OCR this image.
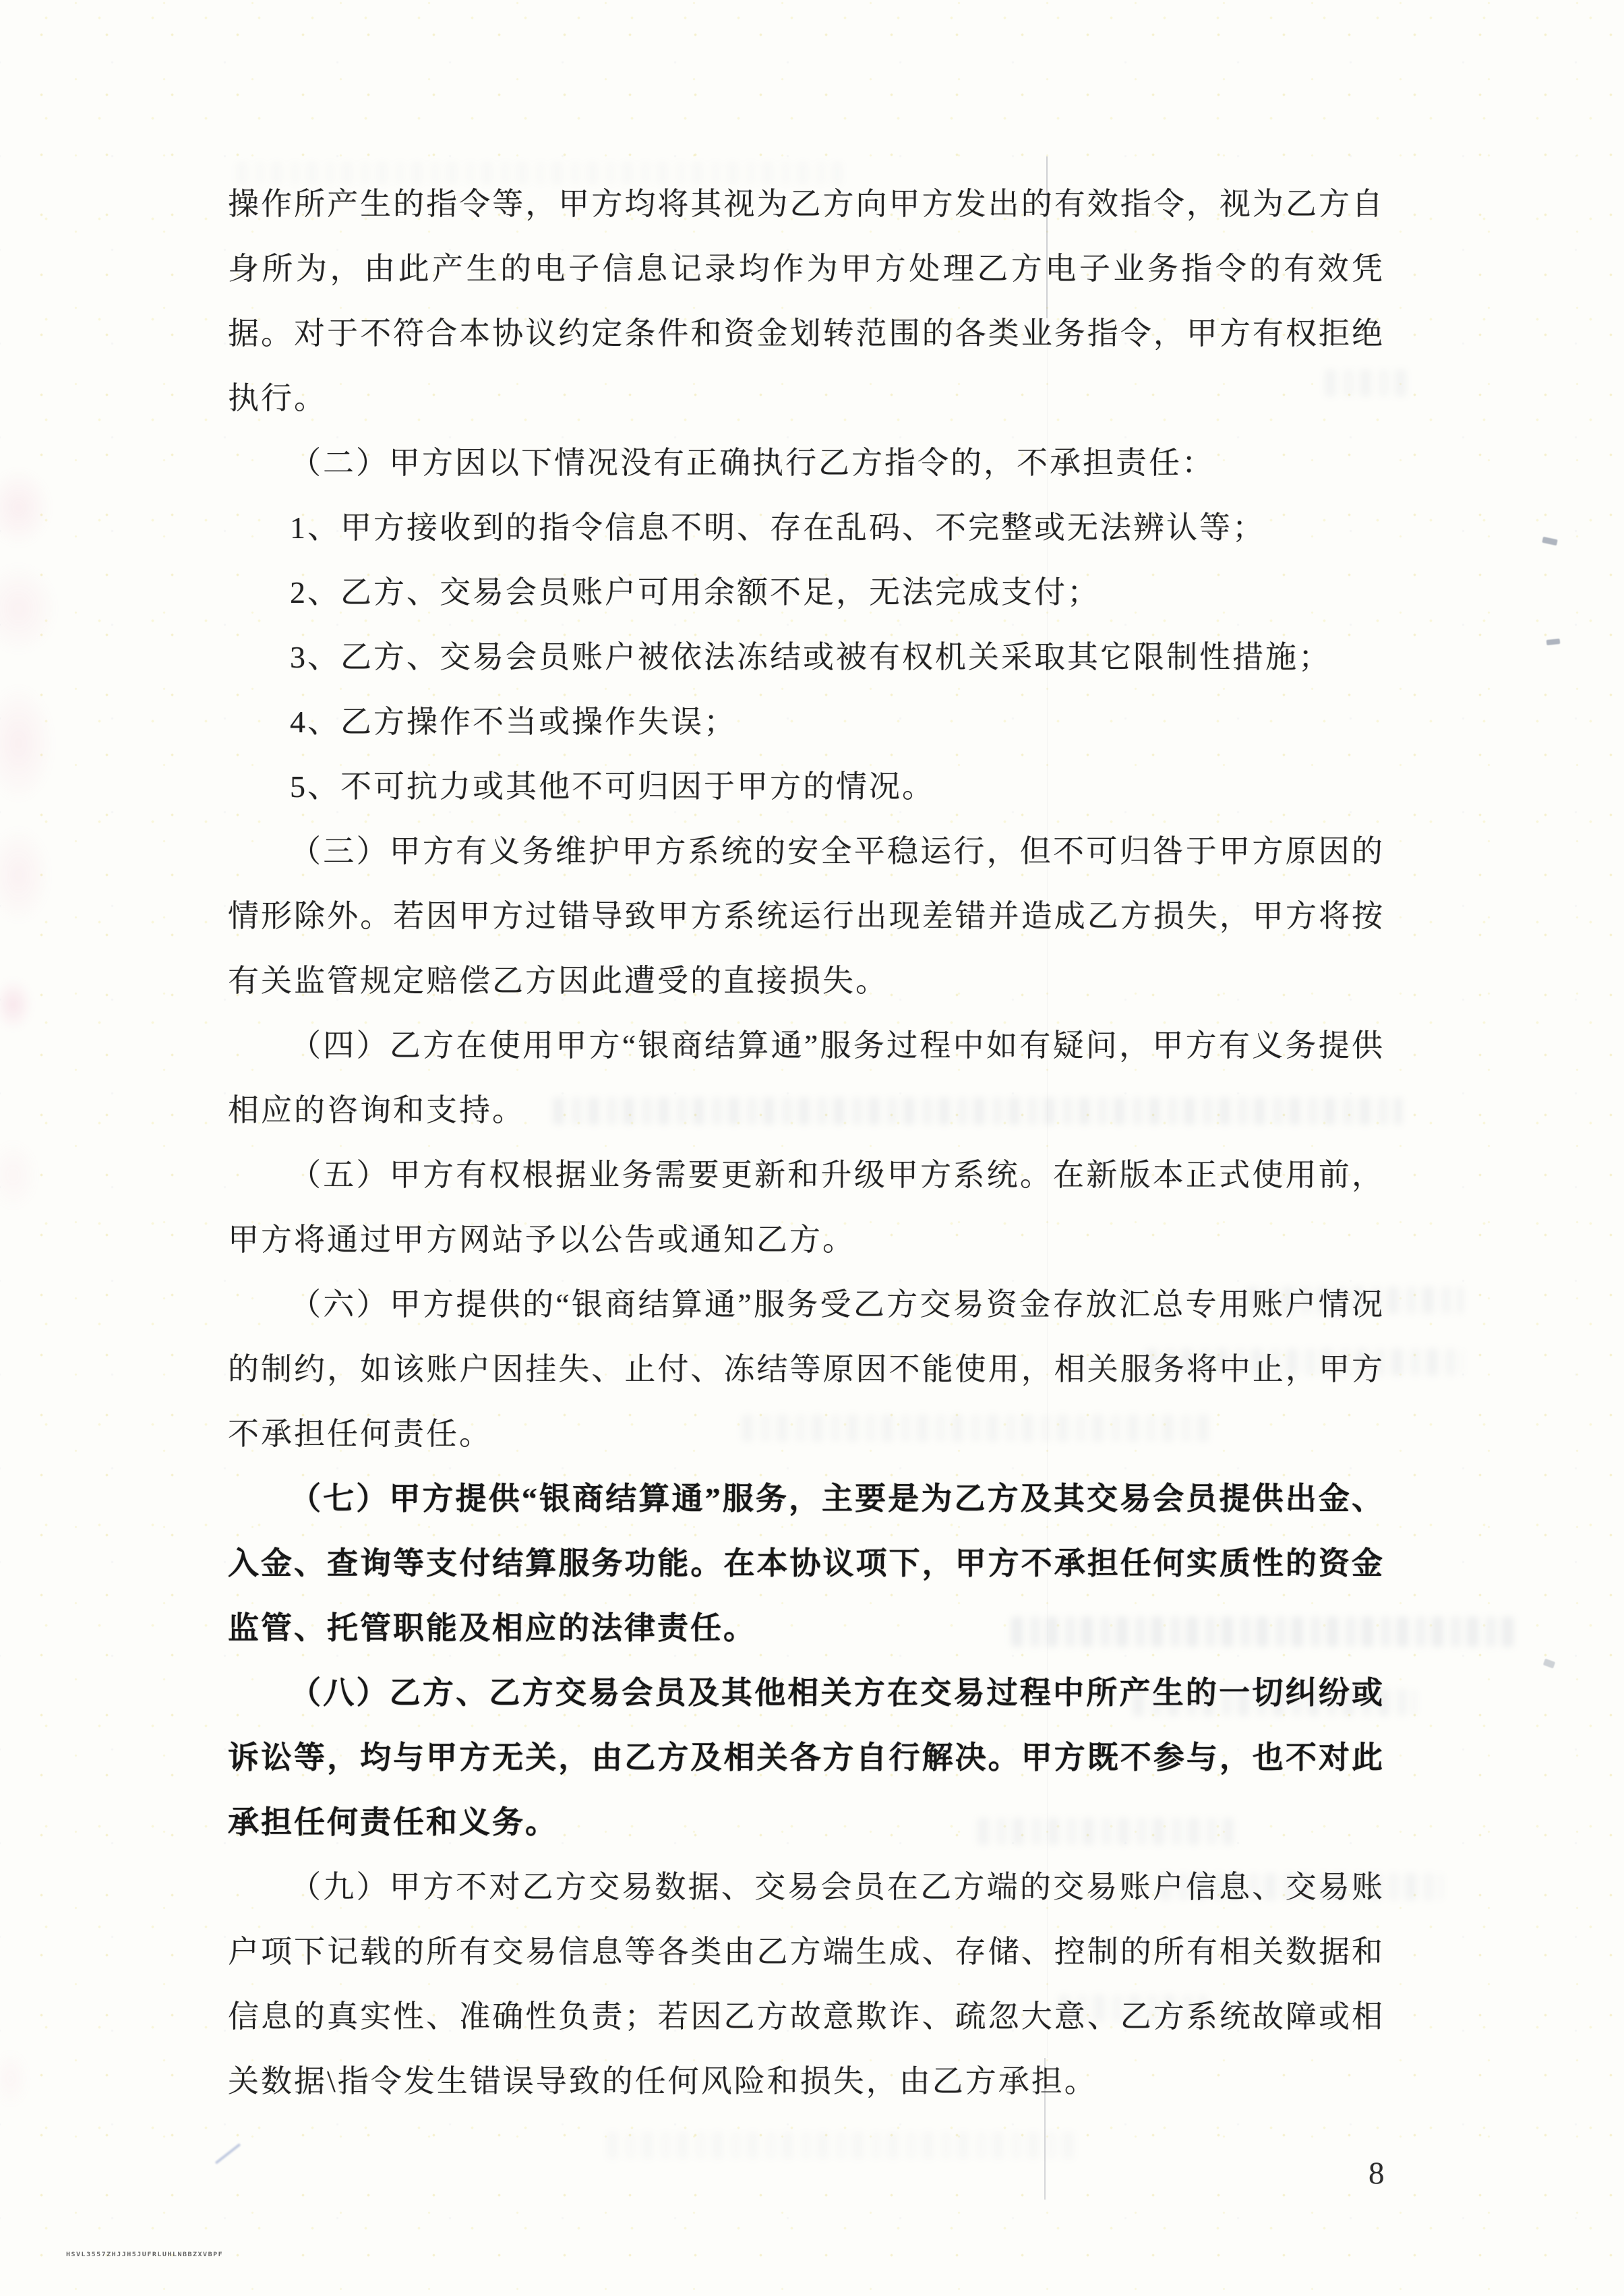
操作所产生的指令等，甲方均将其视为乙方向甲方发出的有效指令，视为乙方自身所为，由此产生的电子信息记录均作为甲方处理乙方电子业务指令的有效凭据。对于不符合本协议约定条件和资金划转范围的各类业务指令，甲方有权拒绝执行。

（二）甲方因以下情况没有正确执行乙方指令的，不承担责任：

1、甲方接收到的指令信息不明、存在乱码、不完整或无法辨认等；

2、乙方、交易会员账户可用余额不足，无法完成支付；

3、乙方、交易会员账户被依法冻结或被有权机关采取其它限制性措施；

4、乙方操作不当或操作失误；

5、不可抗力或其他不可归因于甲方的情况。

（三）甲方有义务维护甲方系统的安全平稳运行，但不可归咎于甲方原因的情形除外。若因甲方过错导致甲方系统运行出现差错并造成乙方损失，甲方将按有关监管规定赔偿乙方因此遭受的直接损失。

（四）乙方在使用甲方“银商结算通”服务过程中如有疑问，甲方有义务提供相应的咨询和支持。

（五）甲方有权根据业务需要更新和升级甲方系统。在新版本正式使用前，甲方将通过甲方网站予以公告或通知乙方。

（六）甲方提供的“银商结算通”服务受乙方交易资金存放汇总专用账户情况的制约，如该账户因挂失、止付、冻结等原因不能使用，相关服务将中止，甲方不承担任何责任。

（七）甲方提供“银商结算通”服务，主要是为乙方及其交易会员提供出金、入金、查询等支付结算服务功能。在本协议项下，甲方不承担任何实质性的资金监管、托管职能及相应的法律责任。

（八）乙方、乙方交易会员及其他相关方在交易过程中所产生的一切纠纷或诉讼等，均与甲方无关，由乙方及相关各方自行解决。甲方既不参与，也不对此承担任何责任和义务。

（九）甲方不对乙方交易数据、交易会员在乙方端的交易账户信息、交易账户项下记载的所有交易信息等各类由乙方端生成、存储、控制的所有相关数据和信息的真实性、准确性负责；若因乙方故意欺诈、疏忽大意、乙方系统故障或相关数据\指令发生错误导致的任何风险和损失，由乙方承担。

8
HSVL3557ZHJJH5JUFRLUHLNBBZXVBPF
